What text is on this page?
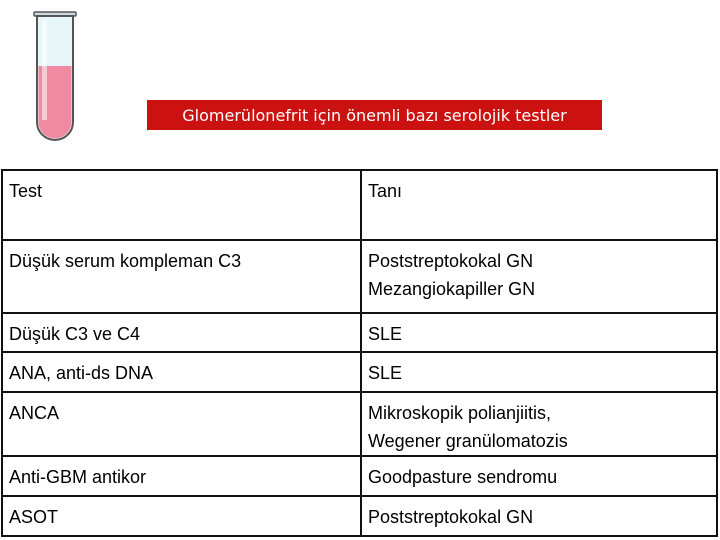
Glomerülonefrit için önemli bazı serolojik testler
Test	Tanı
Düşük serum kompleman C3	Poststreptokokal GN
Mezangiokapiller GN

Düşük C3 ve C4	SLE

ANA, anti-ds DNA	SLE

ANCA	Mikroskopik polianjiitis,
Wegener granülomatozis

Anti-GBM antikor	Goodpasture sendromu

ASOT	Poststreptokokal GN
